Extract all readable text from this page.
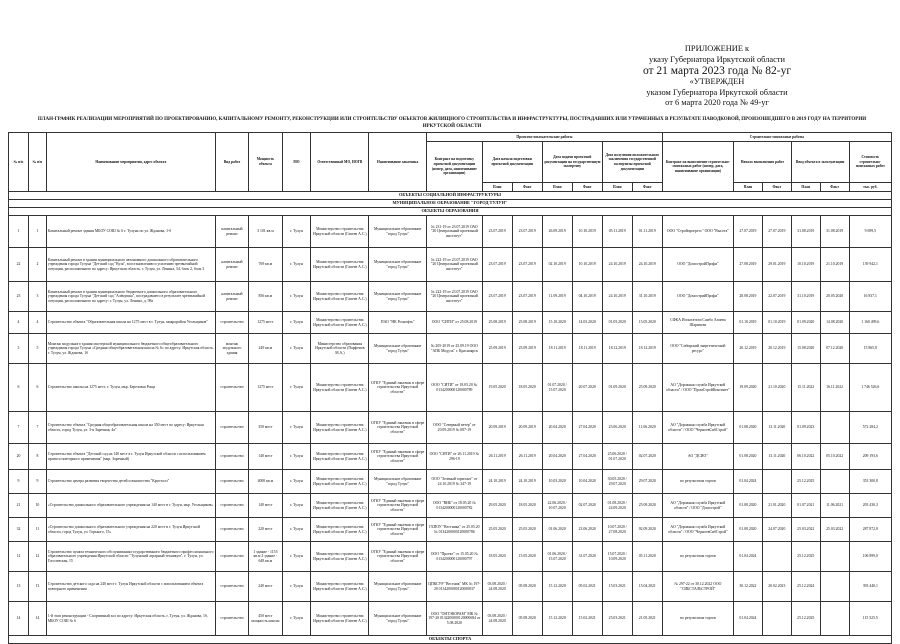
ПРИЛОЖЕНИЕ к
указу Губернатора Иркутской области
от 21 марта 2023 года № 82-уг
«УТВЕРЖДЕН
указом Губернатора Иркутской области
от 6 марта 2020 года № 49-уг
ПЛАН-ГРАФИК РЕАЛИЗАЦИИ МЕРОПРИЯТИЙ ПО ПРОЕКТИРОВАНИЮ, КАПИТАЛЬНОМУ РЕМОНТУ, РЕКОНСТРУКЦИИ ИЛИ СТРОИТЕЛЬСТВУ ОБЪЕКТОВ ЖИЛИЩНОГО СТРОИТЕЛЬСТВА И ИНФРАСТРУКТУРЫ, ПОСТРАДАВШИХ ИЛИ УТРАЧЕННЫХ В РЕЗУЛЬТАТЕ ПАВОДКОВОЙ, ПРОИЗОШЕДШЕГО В 2019 ГОДУ НА ТЕРРИТОРИИ ИРКУТСКОЙ ОБЛАСТИ
№ п/п	№ п/п	Наименование мероприятия, адрес объекта	Вид работ	Мощность объекта	МО	Ответственный МО, ИОГВ	Наименование заказчика	Проектно-изыскательские работы							Строительно-монтажные работы					
								Контракт на подготовку проектной документации (номер, дата, наименование организации)	Дата начала подготовки проектной документации		Дата подачи проектной документации на государственную экспертизу		Дата получения положительного заключения государственной экспертизы проектной документации		Контракт на выполнение строительно-монтажных работ (номер, дата, наименование организации)	Начало выполнения работ		Ввод объекта в эксплуатацию		Стоимость строительно-монтажных работ
									План	Факт	План	Факт	План	Факт		План	Факт	План	Факт	тыс. руб.
ОБЪЕКТЫ СОЦИАЛЬНОЙ ИНФРАСТРУКТУРЫ																				
МУНИЦИПАЛЬНОЕ ОБРАЗОВАНИЕ "ГОРОД ТУЛУН"																				
ОБЪЕКТЫ ОБРАЗОВАНИЯ																				
1	1	Капитальный ремонт здания МБОУ СОШ № 6 г. Тулуна по ул. Жданова, 1-б	капитальный ремонт	3 101 кв.м	г. Тулун	Министерство строительства Иркутской области (Гапеев А.С.)	Муниципальное образование "город Тулун"	№ 231-19 от 23.07.2019 ОАО "20 Центральный проектный институт"	23.07.2019	23.07.2019	26.09.2019	10.10.2019	05.11.2019	01.11.2019	ООО "Стройпрогресс" ООО "Высота"	27.07.2019	27.07.2019	31.08.2019	31.08.2019	9 699,5
22	2	Капитальный ремонт в здании муниципального автономного дошкольного образовательного учреждения города Тулуна "Детский сад "Кузя", восстановлению и усилению чрезвычайной ситуации, расположенного по адресу: Иркутская область, г. Тулун, ул. Ленина, 34, блок 2, блок 3	капитальный ремонт	769 кв.м	г. Тулун	Министерство строительства Иркутской области (Гапеев А.С.)	Муниципальное образование "город Тулун"	№ 222-19 от 23.07.2019 ОАО "20 Центральный проектный институт"	23.07.2019	23.07.2019	02.10.2019	10.10.2019	24.10.2019	24.10.2019	ООО "ДомостройПрофи"	27.08.2019	29.01.2019	10.10.2019	21.10.2019	139 942,1
23	3	Капитальный ремонт в здании муниципального бюджетного дошкольного образовательного учреждения города Тулуна "Детский сад "Алёнушка", пострадавшего в результате чрезвычайной ситуации, расположенного по адресу: г. Тулун, ул. Ленина, д. 98а	капитальный ремонт	856 кв.м	г. Тулун	Министерство строительства Иркутской области (Гапеев А.С.)	Муниципальное образование "город Тулун"	№ 222-19 от 23.07.2019 ОАО "20 Центральный проектный институт"	23.07.2019	23.07.2019	11.09.2019	04.10.2019	24.10.2019	31.10.2019	ООО "ДомострийПрофи"	28.08.2019	22.07.2019	31.10.2019	20.05.2020	16 837,1
4	4	Строительство объекта "Образовательная школа на 1275 мест в г. Тулун, микрорайон Угольщиков"	строительство	1275 мест	г. Тулун	Министерство строительства Иркутской области (Гапеев А.С.)	ПАО "НК Роснефть"	ООО "СИТИ" от 25.08.2019	25.08.2019	25.08.2019	15.10.2020	14.03.2020	01.05.2020	15.05.2020	СФКА Испытатели Самбо Алиева Шарипган	01.10.2019	01.10.2019	01.09.2020	14.08.2020	1 160 499,6
5	5	Монтаж модульного здания мастерской муниципального бюджетного общеобразовательного учреждения города Тулуна «Средняя общеобразовательная школа № 6» по адресу: Иркутская область, г. Тулун, ул. Жданова, 1б	монтаж модульного здания	249 кв.м	г. Тулун	Министерство образования Иркутской области (Парфенов М.А.)	Муниципальное образование "город Тулун"	№ 205-2019 от 25.09.19 ООО "АПБ Модуль" г. Красноярск	25.09.2019	25.09.2019	18.11.2019	18.11.2019	18.12.2019	18.12.2019	ООО "Сибирский энергетический ресурс"	20.12.2019	20.12.2019	15.08.2020	07.12.2020	15 865,8
6	6	Строительство школы на 1275 мест, г. Тулун, мкр. Березовая Роща	строительство	1275 мест	г. Тулун	Министерство строительства Иркутской области (Гапеев А.С.)	ОГКУ "Единый заказчик в сфере строительства Иркутской области"	ООО "СИТИ" от 18.05.20 № 0134200000120000789	19.05.2020	18.05.2020	01.07.2020 / 15.07.2020	20.07.2020	01.09.2020	25.09.2020	АО "Дорожная служба Иркутской области" / ООО "ПромСтройКонтинет"	19.09.2020	21.10.2020	15.11.2022	16.11.2022	1 746 526,6
7	7	Строительство объекта "Средняя общеобразовательная школа на 350 мест по адресу: Иркутская область, город Тулун, ул. 3-я Заречная, 4а"	строительство	350 мест	г. Тулун	Министерство строительства Иркутской области (Гапеев А.С.)	ОГКУ "Единый заказчик в сфере строительства Иркутской области"	ООО "Северный ветер" от 20.09.2019 № 087-19	20.09.2019	20.09.2019	20.04.2020	27.04.2020	25.06.2020	11.06.2020	АО "Дорожная служба Иркутской области" / ООО "ЧерноевСибСтрой"	01.08.2020	13.11.2020	01.09.2023		572 284,2
20	8	Строительство объекта "Детский сад на 140 мест в г. Тулун Иркутской области с использованием проекта повторного применения" (мкр. Заречный)	строительство	140 мест	г. Тулун	Министерство строительства Иркутской области (Гапеев А.С.)	ОГКУ "Единый заказчик в сфере строительства Иркутской области"	ООО "СИТИ" от 26.11.2019 № 296-19	26.11.2019	26.11.2019	20.04.2020	27.04.2020	25.06.2020 / 01.07.2020	02.07.2020	АО "ДСИО"	01.08.2020	13.11.2020	06.10.2022	05.10.2022	209 193,6
9	9	Строительство центра развития творчества детей и юношества "Кристалл"	строительство	4000 кв.м	г. Тулун	Министерство строительства Иркутской области (Гапеев А.С.)	Муниципальное образование "город Тулун"	ООО "Зеленый горизонт" от 24.10.2019 № 347-19	24.10.2019	24.10.2019	10.03.2020	10.04.2020	30.05.2020 / 29.07.2020	29.07.2020	по результатам торгов	01.04.2024		25.12.2025		353 300,8
21	10	«Строительство дошкольного образовательного учреждения на 140 мест в г. Тулун, мкр. Угольщиков»	строительство	140 мест	г. Тулун	Министерство строительства Иркутской области (Гапеев А.С.)	ОГКУ "Единый заказчик в сфере строительства Иркутской области"	ООО "ВИБ" от 18.05.20 № 0134200000120000782	29.05.2020	18.05.2020	22.06.2020 / 10.07.2020	02.07.2020	01.08.2020 / 24.09.2020	25.09.2020	АО "Дорожная служба Иркутской области" / ООО "Домострой"	01.08.2020	21.01.2020	01.07.2021	11.06.2021	203 430,3
32	11	«Строительство дошкольного образовательного учреждения на 220 мест в г. Тулун Иркутской области, город Тулун, ул. Горького, 15»	строительство	220 мест	г. Тулун	Министерство строительства Иркутской области (Гапеев А.С.)	ОГКУ "Единый заказчик в сфере строительства Иркутской области"	ГБПОУ "Вестника" от 25.05.20 № 0134200000120000786	25.05.2020	25.05.2020	01.06.2020	23.06.2020	10.07.2020 / 27.08.2020	02.09.2020	АО "Дорожная служба Иркутской области" / ООО "ЧерноевСибСтрой"	01.08.2020	24.07.2020	25.03.2022	25.03.2022	287 872,8
12	12	Строительство пункта технического обслуживания государственного бюджетного профессионального образовательного учреждения Иркутской области "Тулунский аграрный техникум", г. Тулун, ул. Гоголевская, 15	строительство	1 здание - 1153 кв.м 2 здание - 648 кв.м	г. Тулун	Министерство строительства Иркутской области (Гапеев А.С.)	ОГКУ "Единый заказчик в сфере строительства Иркутской области"	ООО "Проект" от 15.05.20 № 0134200000120000797	18.05.2020	15.05.2020	01.06.2020 / 15.07.2020	31.07.2020	15.07.2020 / 10.09.2020	05.11.2020	по результатам торгов	01.04.2024		25.12.2025		106 899,0
13	13	Строительство детского сада на 240 мест г. Тулун Иркутской области с использованием объекта повторного применения	строительство	240 мест	г. Тулун	Министерство строительства Иркутской области (Гапеев А.С.)	Муниципальное образование "город Тулун"	ЦПКСУР "Вестник" МК № 197-20 0134200000120000837	03.08.2020 / 24.08.2020	05.08.2020	15.12.2020	05.02.2021	15.03.2021	15.04.2021	№ 297-22 от 30.12.2022 ООО "СИБСТАЛЬСТРОЙ"	30.12.2022	20.02.2023	25.12.2024		393 440,1
14	14	1-й этап реконструкции - Спортивный зал по адресу: Иркутская область, г. Тулун, ул. Жданова, 1б, МБОУ СОШ № 6	строительство	450 мест мощность школы	г. Тулун	Министерство строительства Иркутской области (Гапеев А.С.)	Муниципальное образование "город Тулун"	ООО "ОНТЭКОРАМ" МК № 197-20 0134200000120000684 от 5.08.2020	03.08.2020 / 24.08.2020	05.08.2020	15.12.2020	15.02.2021	25.03.2021	21.05.2021	по результатам торгов	01.04.2024		25.12.2025		115 525,5
ОБЪЕКТЫ СПОРТА																				
